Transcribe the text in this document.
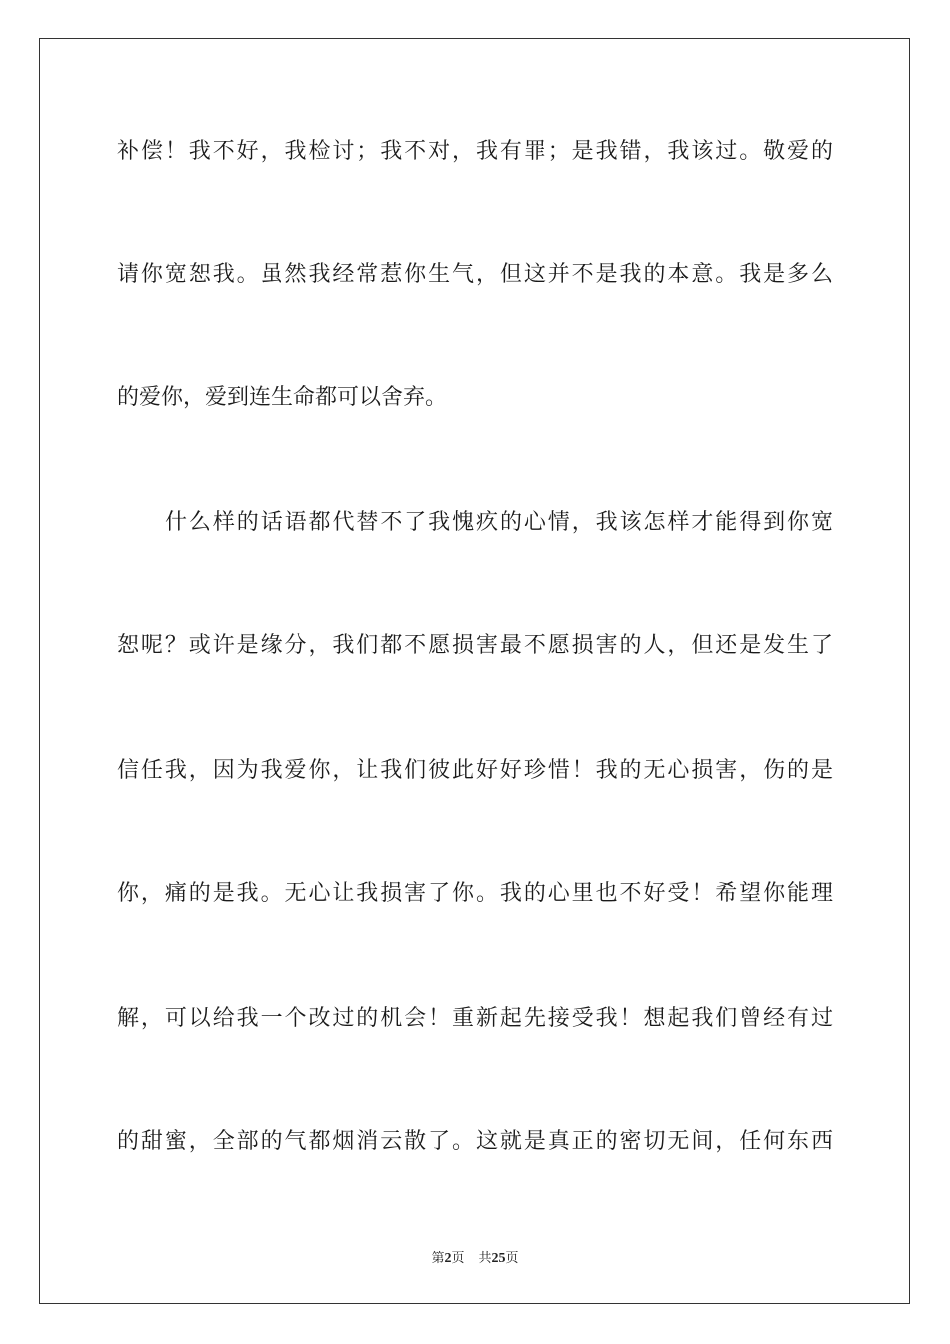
补偿！我不好，我检讨；我不对，我有罪；是我错，我该过。敬爱的
请你宽恕我。虽然我经常惹你生气，但这并不是我的本意。我是多么
的爱你，爱到连生命都可以舍弃。
什么样的话语都代替不了我愧疚的心情，我该怎样才能得到你宽
恕呢？或许是缘分，我们都不愿损害最不愿损害的人，但还是发生了
信任我，因为我爱你，让我们彼此好好珍惜！我的无心损害，伤的是
你，痛的是我。无心让我损害了你。我的心里也不好受！希望你能理
解，可以给我一个改过的机会！重新起先接受我！想起我们曾经有过
的甜蜜，全部的气都烟消云散了。这就是真正的密切无间，任何东西
第2页 共25页
